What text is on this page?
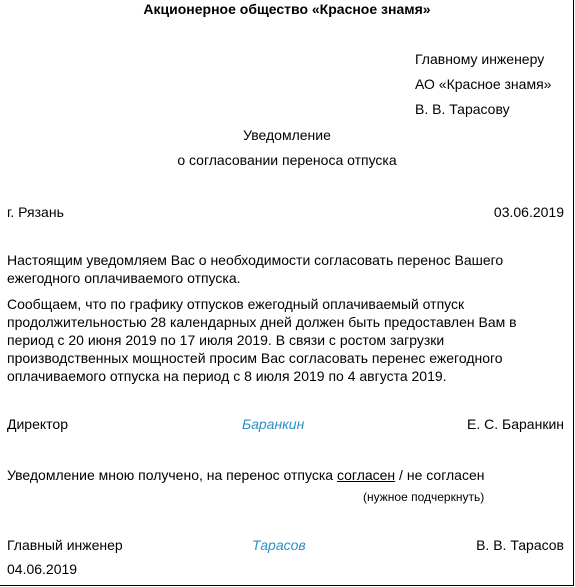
Акционерное общество «Красное знамя»
Главному инженеру
АО «Красное знамя»
В. В. Тарасову
Уведомление
о согласовании переноса отпуска
г. Рязань	03.06.2019
Настоящим уведомляем Вас о необходимости согласовать перенос Вашего ежегодного оплачиваемого отпуска.
Сообщаем, что по графику отпусков ежегодный оплачиваемый отпуск продолжительностью 28 календарных дней должен быть предоставлен Вам в период с 20 июня 2019 по 17 июля 2019. В связи с ростом загрузки производственных мощностей просим Вас согласовать перенес ежегодного оплачиваемого отпуска на период с 8 июля 2019 по 4 августа 2019.
Директор	Баранкин	Е. С. Баранкин
Уведомление мною получено, на перенос отпуска согласен / не согласен
(нужное подчеркнуть)
Главный инженер	Тарасов	В. В. Тарасов
04.06.2019
